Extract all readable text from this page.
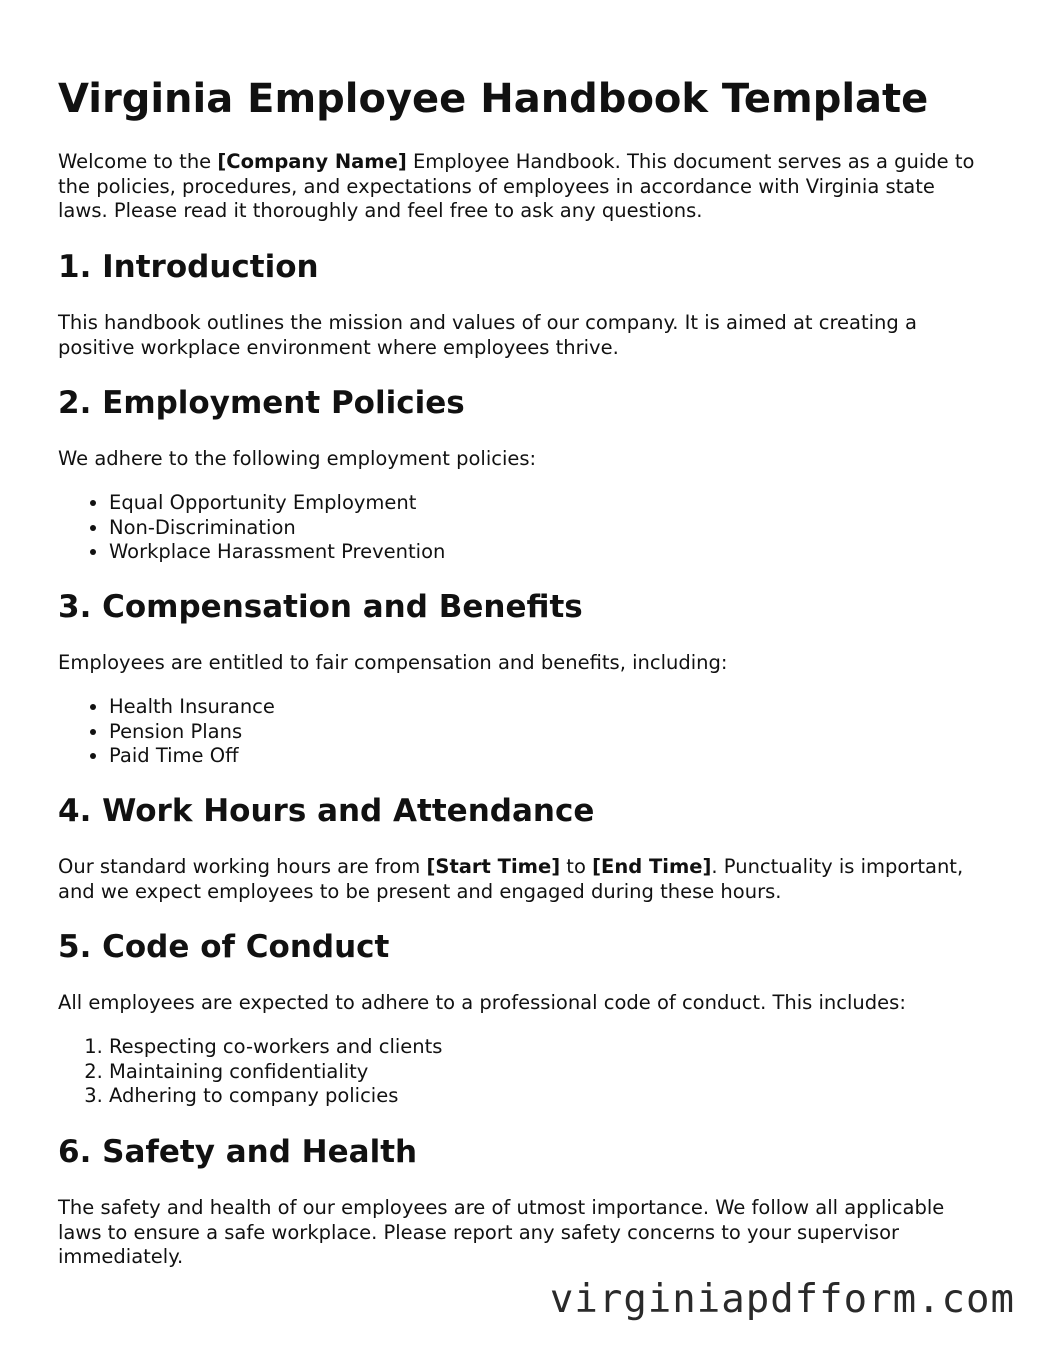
Virginia Employee Handbook Template

Welcome to the [Company Name] Employee Handbook. This document serves as a guide to the policies, procedures, and expectations of employees in accordance with Virginia state laws. Please read it thoroughly and feel free to ask any questions.

1. Introduction

This handbook outlines the mission and values of our company. It is aimed at creating a positive workplace environment where employees thrive.

2. Employment Policies

We adhere to the following employment policies:

• Equal Opportunity Employment
• Non-Discrimination
• Workplace Harassment Prevention
3. Compensation and Benefits

Employees are entitled to fair compensation and benefits, including:

• Health Insurance
• Pension Plans
• Paid Time Off
4. Work Hours and Attendance

Our standard working hours are from [Start Time] to [End Time]. Punctuality is important, and we expect employees to be present and engaged during these hours.

5. Code of Conduct

All employees are expected to adhere to a professional code of conduct. This includes:

1. Respecting co-workers and clients
2. Maintaining confidentiality
3. Adhering to company policies
6. Safety and Health

The safety and health of our employees are of utmost importance. We follow all applicable laws to ensure a safe workplace. Please report any safety concerns to your supervisor immediately.

virginiapdfform.com
